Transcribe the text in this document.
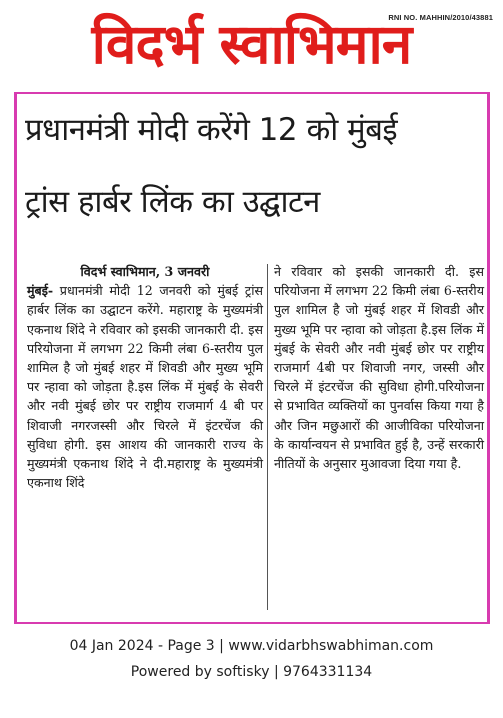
RNI NO. MAHHIN/2010/43881
विदर्भ स्वाभिमान
प्रधानमंत्री मोदी करेंगे 12 को मुंबई
ट्रांस हार्बर लिंक का उद्घाटन
विदर्भ स्वाभिमान, 3 जनवरी
मुंबई- प्रधानमंत्री मोदी 12 जनवरी को मुंबई ट्रांस हार्बर लिंक का उद्घाटन करेंगे. महाराष्ट्र के मुख्यमंत्री एकनाथ शिंदे ने रविवार को इसकी जानकारी दी. इस परियोजना में लगभग 22 किमी लंबा 6-स्तरीय पुल शामिल है जो मुंबई शहर में शिवडी और मुख्य भूमि पर न्हावा को जोड़ता है.इस लिंक में मुंबई के सेवरी और नवी मुंबई छोर पर राष्ट्रीय राजमार्ग 4 बी पर शिवाजी नगरजस्सी और चिरले में इंटरचेंज की सुविधा होगी. इस आशय की जानकारी राज्य के मुख्यमंत्री एकनाथ शिंदे ने दी.महाराष्ट्र के मुख्यमंत्री एकनाथ शिंदे
ने रविवार को इसकी जानकारी दी. इस परियोजना में लगभग 22 किमी लंबा 6-स्तरीय पुल शामिल है जो मुंबई शहर में शिवडी और मुख्य भूमि पर न्हावा को जोड़ता है.इस लिंक में मुंबई के सेवरी और नवी मुंबई छोर पर राष्ट्रीय राजमार्ग 4बी पर शिवाजी नगर, जस्सी और चिरले में इंटरचेंज की सुविधा होगी.परियोजना से प्रभावित व्यक्तियों का पुनर्वास किया गया है और जिन मछुआरों की आजीविका परियोजना के कार्यान्वयन से प्रभावित हुई है, उन्हें सरकारी नीतियों के अनुसार मुआवजा दिया गया है.
04 Jan 2024 - Page 3 | www.vidarbhswabhiman.com
Powered by softisky | 9764331134
